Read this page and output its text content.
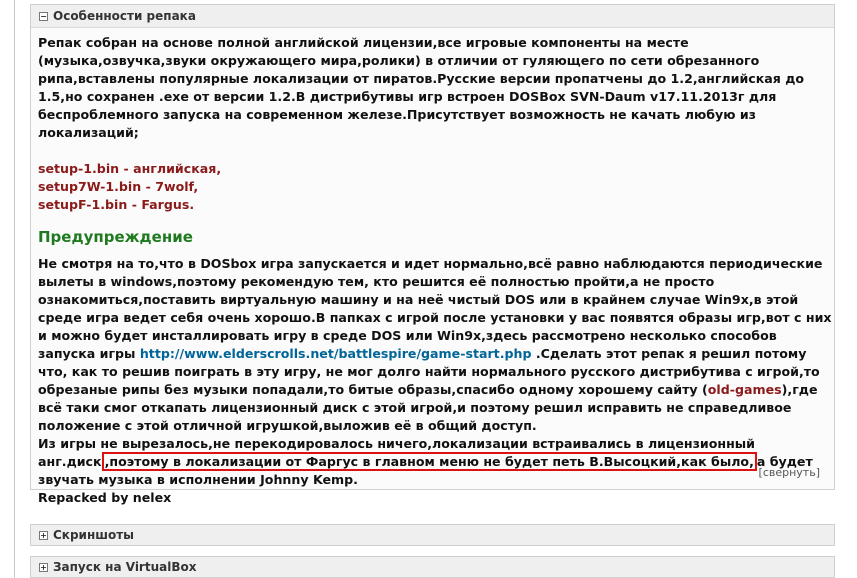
− Особенности репака

Репак собран на основе полной английской лицензии,все игровые компоненты на месте (музыка,озвучка,звуки окружающего мира,ролики) в отличии от гуляющего по сети обрезанного рипа,вставлены популярные локализации от пиратов.Русские версии пропатчены до 1.2,английская до 1.5,но сохранен .exe от версии 1.2.В дистрибутивы игр встроен DOSBox SVN-Daum v17.11.2013г для беспроблемного запуска на современном железе.Присутствует возможность не качать любую из локализаций;

setup-1.bin - английская,

setup7W-1.bin - 7wolf,

setupF-1.bin - Fargus.

Предупреждение

Не смотря на то,что в DOSbox игра запускается и идет нормально,всё равно наблюдаются периодические вылеты в windows,поэтому рекомендую тем, кто решится её полностью пройти,а не просто ознакомиться,поставить виртуальную машину и на неё чистый DOS или в крайнем случае Win9x,в этой среде игра ведет себя очень хорошо.В папках с игрой после установки у вас появятся образы игр,вот с них и можно будет инсталлировать игру в среде DOS или Win9x,здесь рассмотрено несколько способов запуска игры http://www.elderscrolls.net/battlespire/game-start.php .Сделать этот репак я решил потому

что, как то решив поиграть в эту игру, не мог долго найти нормального русского дистрибутива с игрой,то обрезаные рипы без музыки попадали,то битые образы,спасибо одному хорошему сайту (old-games),где всё таки смог откапать лицензионный диск с этой игрой,и поэтому решил исправить не справедливое положение с этой отличной игрушкой,выложив её в общий доступ.

Из игры не вырезалось,не перекодировалось ничего,локализации встраивались в лицензионный анг.диск ,поэтому в локализации от Фаргус в главном меню не будет петь В.Высоцкий,как было, а будет звучать музыка в исполнении Johnny Kemp.

Repacked by nelex

[свернуть]
+ Скриншоты
+ Запуск на VirtualBox
